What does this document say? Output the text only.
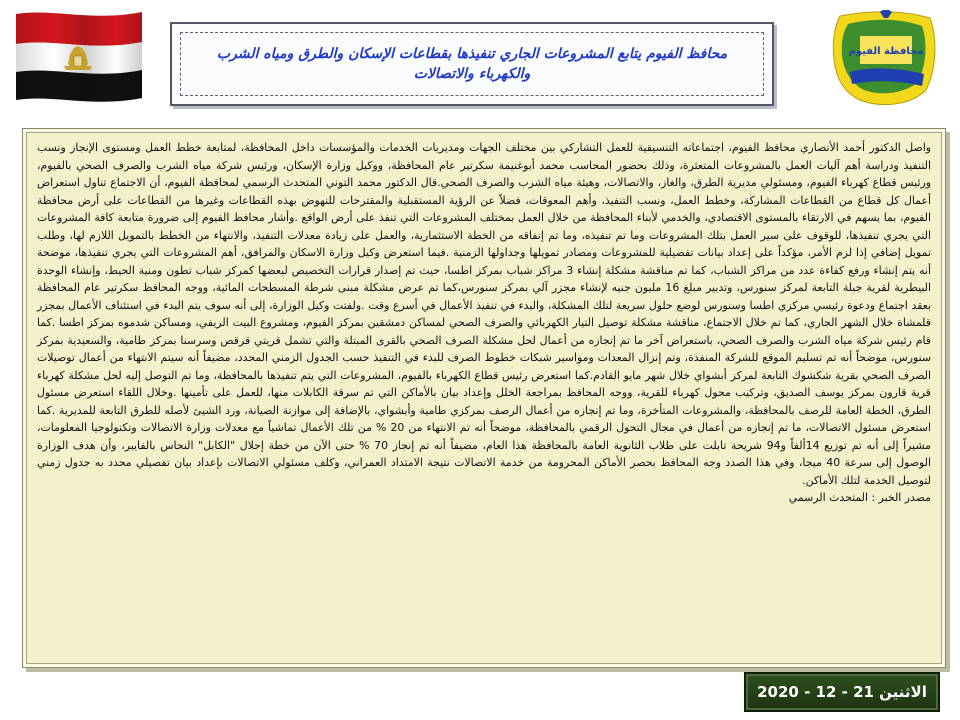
محافظة الفيوم
محافظ الفيوم يتابع المشروعات الجاري تنفيذها بقطاعات الإسكان والطرق ومياه الشرب والكهرباء والاتصالات

واصل الدكتور أحمد الأنصاري محافظ الفيوم، اجتماعاته التنسيقية للعمل التشاركي بين مختلف الجهات ومديريات الخدمات والمؤسسات داخل المحافظة، لمتابعة خطط العمل ومستوى الإنجاز ونسب التنفيذ ودراسة أهم آليات العمل بالمشروعات المتعثرة، وذلك بحضور المحاسب محمد أبوغنيمة سكرتير عام المحافظة، ووكيل وزارة الإسكان، ورئيس شركة مياه الشرب والصرف الصحي بالفيوم، ورئيس قطاع كهرباء الفيوم، ومسئولي مديرية الطرق، والغاز، والاتصالات، وهيئة مياه الشرب والصرف الصحي.قال الدكتور محمد التوني المتحدث الرسمي لمحافظة الفيوم، أن الاجتماع تناول استعراض أعمال كل قطاع من القطاعات المشاركة، وخطط العمل، ونسب التنفيذ، وأهم المعوقات، فضلاً عن الرؤية المستقبلية والمقترحات للنهوض بهذه القطاعات وغيرها من القطاعات على أرض محافظة الفيوم، بما يسهم في الارتقاء بالمستوى الاقتصادي، والخدمي لأبناء المحافظة من خلال العمل بمختلف المشروعات التي تنفذ على أرض الواقع .وأشار محافظ الفيوم إلى ضرورة متابعة كافة المشروعات التي يجري تنفيذها، للوقوف على سير العمل بتلك المشروعات وما تم تنفيذه، وما تم إنفاقه من الخطة الاستثمارية، والعمل على زيادة معدلات التنفيذ، والانتهاء من الخطط بالتمويل اللازم لها، وطلب تمويل إضافي إذا لزم الأمر، مؤكداً على إعداد بيانات تفصيلية للمشروعات ومصادر تمويلها وجداولها الزمنية .فيما استعرض وكيل وزارة الاسكان والمرافق، أهم المشروعات التي يجري تنفيذها، موضحة أنه يتم إنشاء ورفع كفاءة عدد من مراكز الشباب، كما تم مناقشة مشكلة إنشاء 3 مراكز شباب بمركز اطسا، حيث تم إصدار قرارات التخصيص لبعضها كمركز شباب تطون ومنية الحيط، وإنشاء الوحدة البيطرية لقرية جبلة التابعة لمركز سنورس، وتدبير مبلغ 16 مليون جنيه لإنشاء مجزر آلي بمركز سنورس،كما تم عرض مشكلة مبنى شرطة المسطحات المائية، ووجه المحافظ سكرتير عام المحافظة بعقد اجتماع ودعوة رئيسي مركزي اطسا وسنورس لوضع حلول سريعة لتلك المشكلة، والبدء في تنفيذ الأعمال في أسرع وقت .ولفتت وكيل الوزارة، إلى أنه سوف يتم البدء في استئناف الأعمال بمجزر قلمشاة خلال الشهر الجاري، كما تم خلال الاجتماع، مناقشة مشكلة توصيل التيار الكهربائي والصرف الصحي لمساكن دمشقين بمركز الفيوم، ومشروع البيت الريفي، ومساكن شدموه بمركز اطسا .كما قام رئيس شركة مياه الشرب والصرف الصحي، باستعراض آخر ما تم إنجازه من أعمال لحل مشكلة الصرف الصحي بالقرى المبتلة والتي تشمل قريتي قرقص وسرسنا بمركز طامية، والسعيدية بمركز سنورس، موضحاً أنه تم تسليم الموقع للشركة المنفذة، وتم إنزال المعدات ومواسير شبكات خطوط الصرف للبدء في التنفيذ حسب الجدول الزمني المحدد، مضيفاً أنه سيتم الانتهاء من أعمال توصيلات الصرف الصحي بقرية شكشوك التابعة لمركز أبشواي خلال شهر مايو القادم.كما استعرض رئيس قطاع الكهرباء بالفيوم، المشروعات التي يتم تنفيذها بالمحافظة، وما تم التوصل إليه لحل مشكلة كهرباء قرية قارون بمركز يوسف الصديق، وتركيب محول كهرباء للقرية، ووجه المحافظ بمراجعة الخلل وإعداد بيان بالأماكن التي تم سرقة الكابلات منها، للعمل على تأمينها .وخلال اللقاء استعرض مسئول الطرق، الخطة العامة للرصف بالمحافظة، والمشروعات المتأخرة، وما تم إنجازه من أعمال الرصف بمركزي طامية وأبشواي، بالإضافة إلى موازنة الصيانة، ورد الشيئ لأصله للطرق التابعة للمديرية .كما استعرض مسئول الاتصالات، ما تم إنجازه من أعمال في مجال التحول الرقمي بالمحافظة، موضحاً أنه تم الانتهاء من 20 % من تلك الأعمال تماشياً مع معدلات وزارة الاتصالات وتكنولوجيا المعلومات، مشيراً إلى أنه تم توزيع 14ألفاً و94 شريحة تابلت على طلاب الثانوية العامة بالمحافظة هذا العام، مضيفاً أنه تم إنجاز 70 % حتى الآن من خطة إحلال "الكابل" النحاس بالفايبر، وأن هدف الوزارة الوصول إلى سرعة 40 ميجا، وفي هذا الصدد وجه المحافظ بحصر الأماكن المحرومة من خدمة الاتصالات نتيجة الامتداد العمراني، وكلف مسئولي الاتصالات بإعداد بيان تفصيلي محدد به جدول زمني لتوصيل الخدمة لتلك الأماكن.

مصدر الخبر : المتحدث الرسمي
الاثنين 21 - 12 - 2020
